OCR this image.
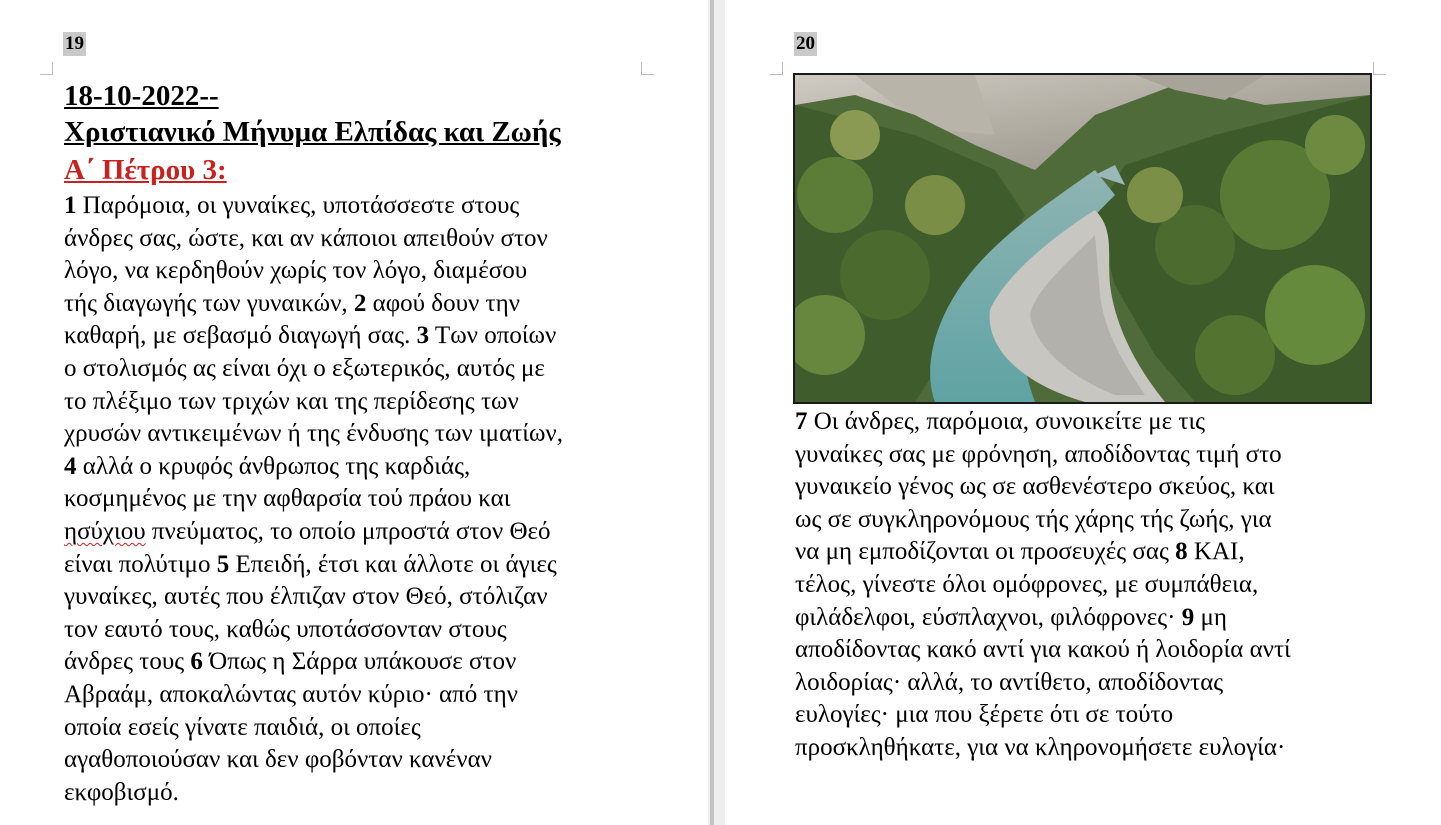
19	20
18-10-2022--
Χριστιανικό Μήνυμα Ελπίδας και Ζωής
Α΄ Πέτρου 3:
1 Παρόμοια, οι γυναίκες, υποτάσσεστε στους
άνδρες σας, ώστε, και αν κάποιοι απειθούν στον
λόγο, να κερδηθούν χωρίς τον λόγο, διαμέσου
τής διαγωγής των γυναικών, 2 αφού δουν την
καθαρή, με σεβασμό διαγωγή σας. 3 Των οποίων
ο στολισμός ας είναι όχι ο εξωτερικός, αυτός με
το πλέξιμο των τριχών και της περίδεσης των
χρυσών αντικειμένων ή της ένδυσης των ιματίων,
4 αλλά ο κρυφός άνθρωπος της καρδιάς,
κοσμημένος με την αφθαρσία τού πράου και
ησύχιου πνεύματος, το οποίο μπροστά στον Θεό
είναι πολύτιμο 5 Επειδή, έτσι και άλλοτε οι άγιες
γυναίκες, αυτές που έλπιζαν στον Θεό, στόλιζαν
τον εαυτό τους, καθώς υποτάσσονταν στους
άνδρες τους 6 Όπως η Σάρρα υπάκουσε στον
Αβραάμ, αποκαλώντας αυτόν κύριο· από την
οποία εσείς γίνατε παιδιά, οι οποίες
αγαθοποιούσαν και δεν φοβόνταν κανέναν
εκφοβισμό.
7 Οι άνδρες, παρόμοια, συνοικείτε με τις
γυναίκες σας με φρόνηση, αποδίδοντας τιμή στο
γυναικείο γένος ως σε ασθενέστερο σκεύος, και
ως σε συγκληρονόμους τής χάρης τής ζωής, για
να μη εμποδίζονται οι προσευχές σας 8 ΚΑΙ,
τέλος, γίνεστε όλοι ομόφρονες, με συμπάθεια,
φιλάδελφοι, εύσπλαχνοι, φιλόφρονες· 9 μη
αποδίδοντας κακό αντί για κακού ή λοιδορία αντί
λοιδορίας· αλλά, το αντίθετο, αποδίδοντας
ευλογίες· μια που ξέρετε ότι σε τούτο
προσκληθήκατε, για να κληρονομήσετε ευλογία·
